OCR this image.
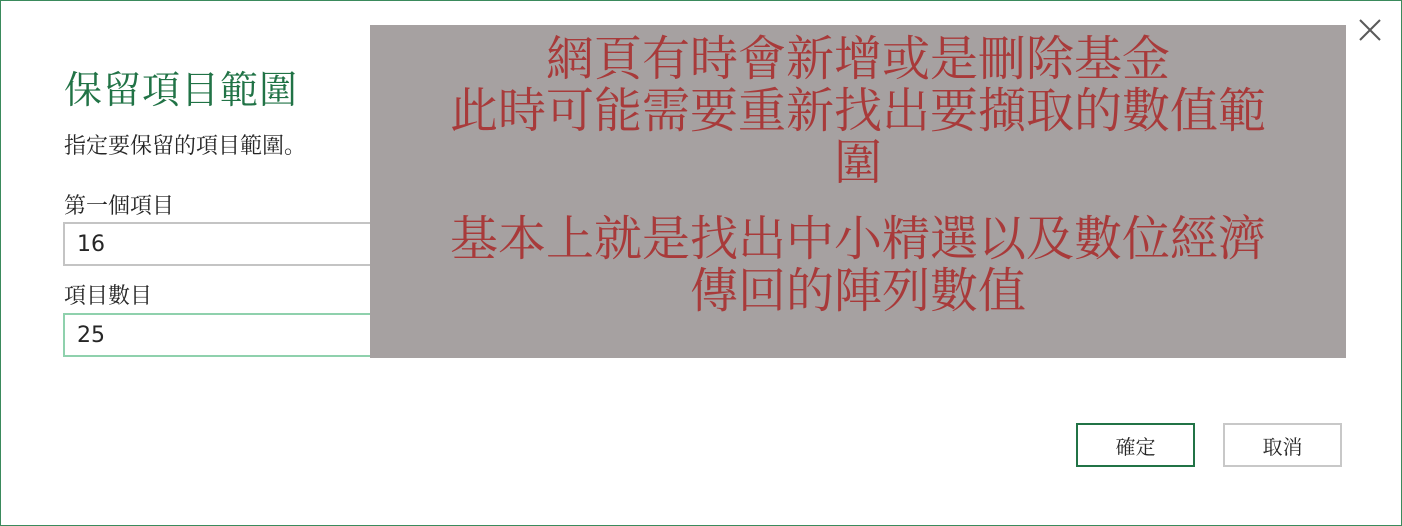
保留項目範圍
指定要保留的項目範圍。
第一個項目
16
項目數目
25
網頁有時會新增或是刪除基金
此時可能需要重新找出要擷取的數值範
圍
基本上就是找出中小精選以及數位經濟
傳回的陣列數值
確定	取消
